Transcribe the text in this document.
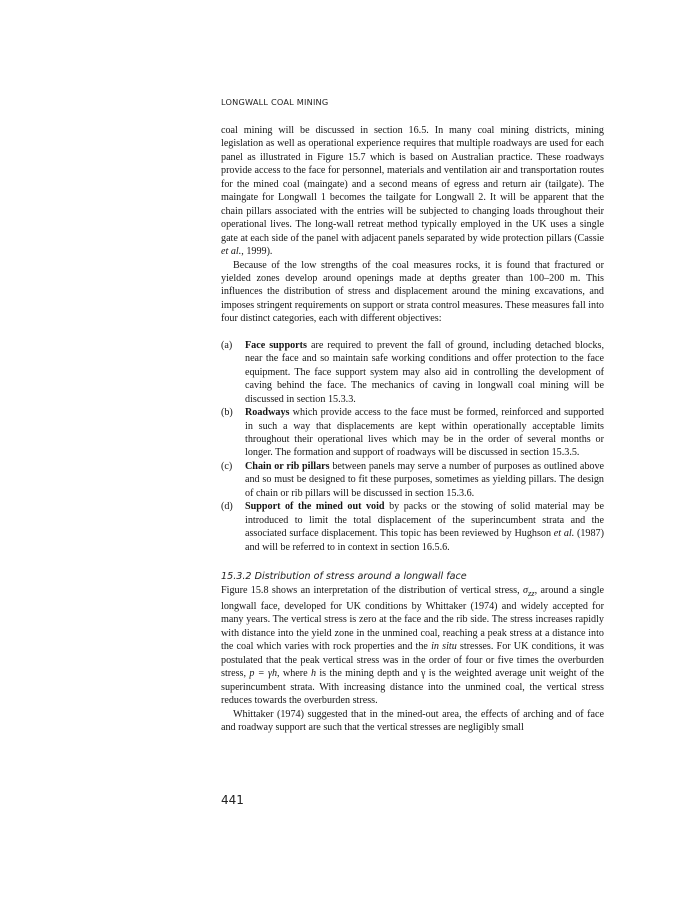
LONGWALL COAL MINING

coal mining will be discussed in section 16.5. In many coal mining districts, mining legislation as well as operational experience requires that multiple roadways are used for each panel as illustrated in Figure 15.7 which is based on Australian practice. These roadways provide access to the face for personnel, materials and ventilation air and transportation routes for the mined coal (maingate) and a second means of egress and return air (tailgate). The maingate for Longwall 1 becomes the tailgate for Longwall 2. It will be apparent that the chain pillars associated with the entries will be subjected to changing loads throughout their operational lives. The long-wall retreat method typically employed in the UK uses a single gate at each side of the panel with adjacent panels separated by wide protection pillars (Cassie et al., 1999).

Because of the low strengths of the coal measures rocks, it is found that fractured or yielded zones develop around openings made at depths greater than 100–200 m. This influences the distribution of stress and displacement around the mining excavations, and imposes stringent requirements on support or strata control measures. These measures fall into four distinct categories, each with different objectives:

(a)	Face supports are required to prevent the fall of ground, including detached blocks, near the face and so maintain safe working conditions and offer protection to the face equipment. The face support system may also aid in controlling the development of caving behind the face. The mechanics of caving in longwall coal mining will be discussed in section 15.3.3.
(b)	Roadways which provide access to the face must be formed, reinforced and supported in such a way that displacements are kept within operationally acceptable limits throughout their operational lives which may be in the order of several months or longer. The formation and support of roadways will be discussed in section 15.3.5.
(c)	Chain or rib pillars between panels may serve a number of purposes as outlined above and so must be designed to fit these purposes, sometimes as yielding pillars. The design of chain or rib pillars will be discussed in section 15.3.6.
(d)	Support of the mined out void by packs or the stowing of solid material may be introduced to limit the total displacement of the superincumbent strata and the associated surface displacement. This topic has been reviewed by Hughson et al. (1987) and will be referred to in context in section 16.5.6.
15.3.2 Distribution of stress around a longwall face

Figure 15.8 shows an interpretation of the distribution of vertical stress, $\sigma_{zz}$, around a single longwall face, developed for UK conditions by Whittaker (1974) and widely accepted for many years. The vertical stress is zero at the face and the rib side. The stress increases rapidly with distance into the yield zone in the unmined coal, reaching a peak stress at a distance into the coal which varies with rock properties and the in situ stresses. For UK conditions, it was postulated that the peak vertical stress was in the order of four or five times the overburden stress, p = γh, where h is the mining depth and γ is the weighted average unit weight of the superincumbent strata. With increasing distance into the unmined coal, the vertical stress reduces towards the overburden stress.

Whittaker (1974) suggested that in the mined-out area, the effects of arching and of face and roadway support are such that the vertical stresses are negligibly small

441
